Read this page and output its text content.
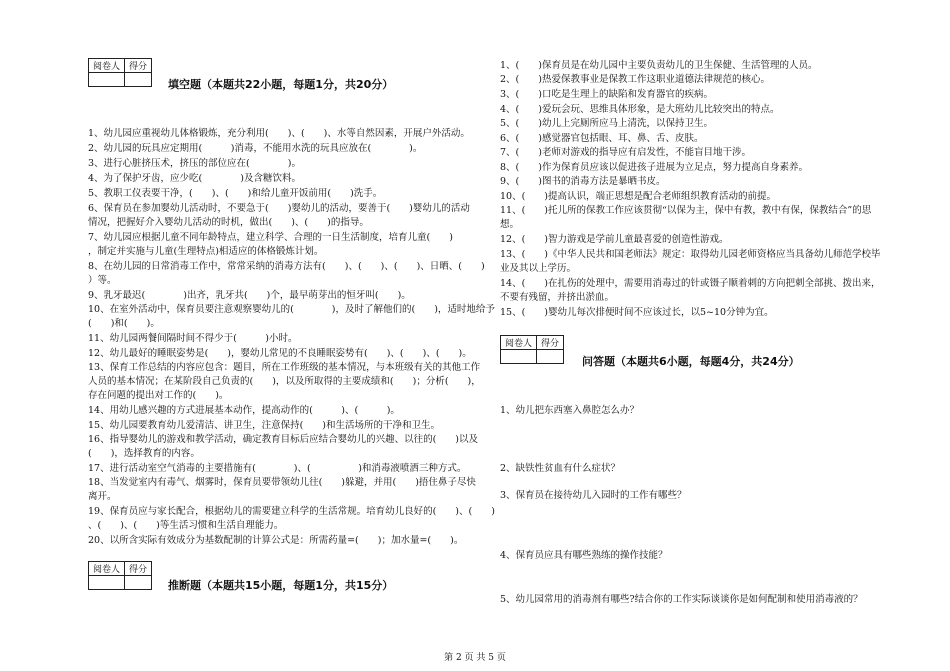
阅卷人	得分

填空题（本题共22小题，每题1分，共20分）
1、幼儿园应重视幼儿体格锻炼，充分利用(　　)、(　　)、水等自然因素，开展户外活动。
2、幼儿园的玩具应定期用(　　　)消毒，不能用水洗的玩具应放在(　　　　)。
3、进行心脏挤压术，挤压的部位应在(　　　　)。
4、为了保护牙齿，应少吃(　　　　)及含糖饮料。
5、教职工仪表要干净，(　　)、(　　)和给儿童开饭前用(　　)洗手。
6、保育员在参加婴幼儿活动时，不要急于(　　)婴幼儿的活动，要善于(　　)婴幼儿的活动
情况，把握好介入婴幼儿活动的时机，做出(　　)、(　　)的指导。
7、幼儿园应根据儿童不同年龄特点，建立科学、合理的一日生活制度，培育儿童(　　)
，制定并实施与儿童(生理特点)相适应的体格锻炼计划。
8、在幼儿园的日常消毒工作中，常常采纳的消毒方法有(　　)、(　　)、(　　)、日晒、(　　)
）等。
9、乳牙最迟(　　　　)出齐，乳牙共(　　)个，最早萌芽出的恒牙叫(　　)。
10、在室外活动中，保育员要注意观察婴幼儿的(　　　　)，及时了解他们的(　　)，适时地给予
(　　)和(　　)。
11、幼儿园两餐间隔时间不得少于(　　　)小时。
12、幼儿最好的睡眠姿势是(　　)，婴幼儿常见的不良睡眠姿势有(　　)、(　　)、(　　)。
13、保育工作总结的内容应包含：题目，所在工作班级的基本情况，与本班级有关的其他工作
人员的基本情况；在某阶段自己负责的(　　)，以及所取得的主要成绩和(　　)；分析(　　)，
存在问题的提出对工作的(　　)。
14、用幼儿感兴趣的方式进展基本动作，提高动作的(　　　)、(　　　)。
15、幼儿园要教育幼儿爱清洁、讲卫生，注意保持(　　)和生活场所的干净和卫生。
16、指导婴幼儿的游戏和教学活动，确定教育目标后应结合婴幼儿的兴趣、以往的(　　)以及
(　　)，选择教育的内容。
17、进行活动室空气消毒的主要措施有(　　　　)、(　　　　　)和消毒液喷洒三种方式。
18、当发觉室内有毒气、烟雾时，保育员要带领幼儿往(　　)躲避，并用(　　)捂住鼻子尽快
离开。
19、保育员应与家长配合，根据幼儿的需要建立科学的生活常规。培育幼儿良好的(　　)、(　　)
、(　　)、(　　)等生活习惯和生活自理能力。
20、以所含实际有效成分为基数配制的计算公式是：所需药量=(　　)；加水量=(　　)。
阅卷人	得分

推断题（本题共15小题，每题1分，共15分）
1、(　　)保育员是在幼儿园中主要负责幼儿的卫生保健、生活管理的人员。
2、(　　)热爱保教事业是保教工作这职业道德法律规范的核心。
3、(　　)口吃是生理上的缺陷和发育器官的疾病。
4、(　　)爱玩会玩、思维具体形象，是大班幼儿比较突出的特点。
5、(　　)幼儿上完厕所应马上清洗，以保持卫生。
6、(　　)感觉器官包括眼、耳、鼻、舌、皮肤。
7、(　　)老师对游戏的指导应有启发性，不能盲目地干涉。
8、(　　)作为保育员应该以促进孩子进展为立足点，努力提高自身素养。
9、(　　)图书的消毒方法是暴晒书皮。
10、(　　)提高认识，端正思想是配合老师组织教育活动的前提。
11、(　　)托儿所的保教工作应该贯彻“以保为主，保中有教，教中有保，保教结合”的思
想。
12、(　　)智力游戏是学前儿童最喜爱的创造性游戏。
13、(　　)《中华人民共和国老师法》规定：取得幼儿园老师资格应当具备幼儿师范学校毕
业及其以上学历。
14、(　　)在扎伤的处理中，需要用消毒过的针或镊子顺着刺的方向把刺全部挑、拨出来，
不要有残留，并挤出淤血。
15、(　　)婴幼儿每次排便时间不应该过长，以5~10分钟为宜。
阅卷人	得分

问答题（本题共6小题，每题4分，共24分）
1、幼儿把东西塞入鼻腔怎么办？
2、缺铁性贫血有什么症状？
3、保育员在接待幼儿入园时的工作有哪些？
4、保育员应具有哪些熟练的操作技能？
5、幼儿园常用的消毒剂有哪些?结合你的工作实际谈谈你是如何配制和使用消毒液的？
第 2 页 共 5 页
